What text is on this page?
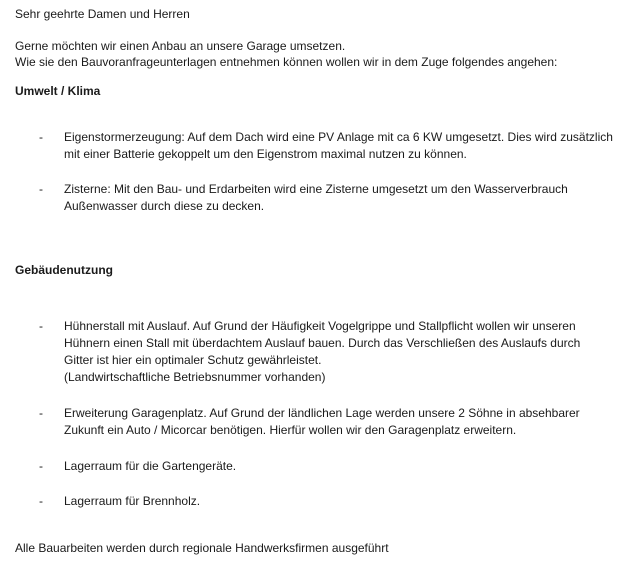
Sehr geehrte Damen und Herren
Gerne möchten wir einen Anbau an unsere Garage umsetzen.
Wie sie den Bauvoranfrageunterlagen entnehmen können wollen wir in dem Zuge folgendes angehen:
Umwelt / Klima
- Eigenstormerzeugung: Auf dem Dach wird eine PV Anlage mit ca 6 KW umgesetzt. Dies wird zusätzlich
mit einer Batterie gekoppelt um den Eigenstrom maximal nutzen zu können.
- Zisterne: Mit den Bau- und Erdarbeiten wird eine Zisterne umgesetzt um den Wasserverbrauch
Außenwasser durch diese zu decken.
Gebäudenutzung
- Hühnerstall mit Auslauf. Auf Grund der Häufigkeit Vogelgrippe und Stallpflicht wollen wir unseren
Hühnern einen Stall mit überdachtem Auslauf bauen. Durch das Verschließen des Auslaufs durch
Gitter ist hier ein optimaler Schutz gewährleistet.
(Landwirtschaftliche Betriebsnummer vorhanden)
- Erweiterung Garagenplatz. Auf Grund der ländlichen Lage werden unsere 2 Söhne in absehbarer
Zukunft ein Auto / Micorcar benötigen. Hierfür wollen wir den Garagenplatz erweitern.
- Lagerraum für die Gartengeräte.
- Lagerraum für Brennholz.
Alle Bauarbeiten werden durch regionale Handwerksfirmen ausgeführt
